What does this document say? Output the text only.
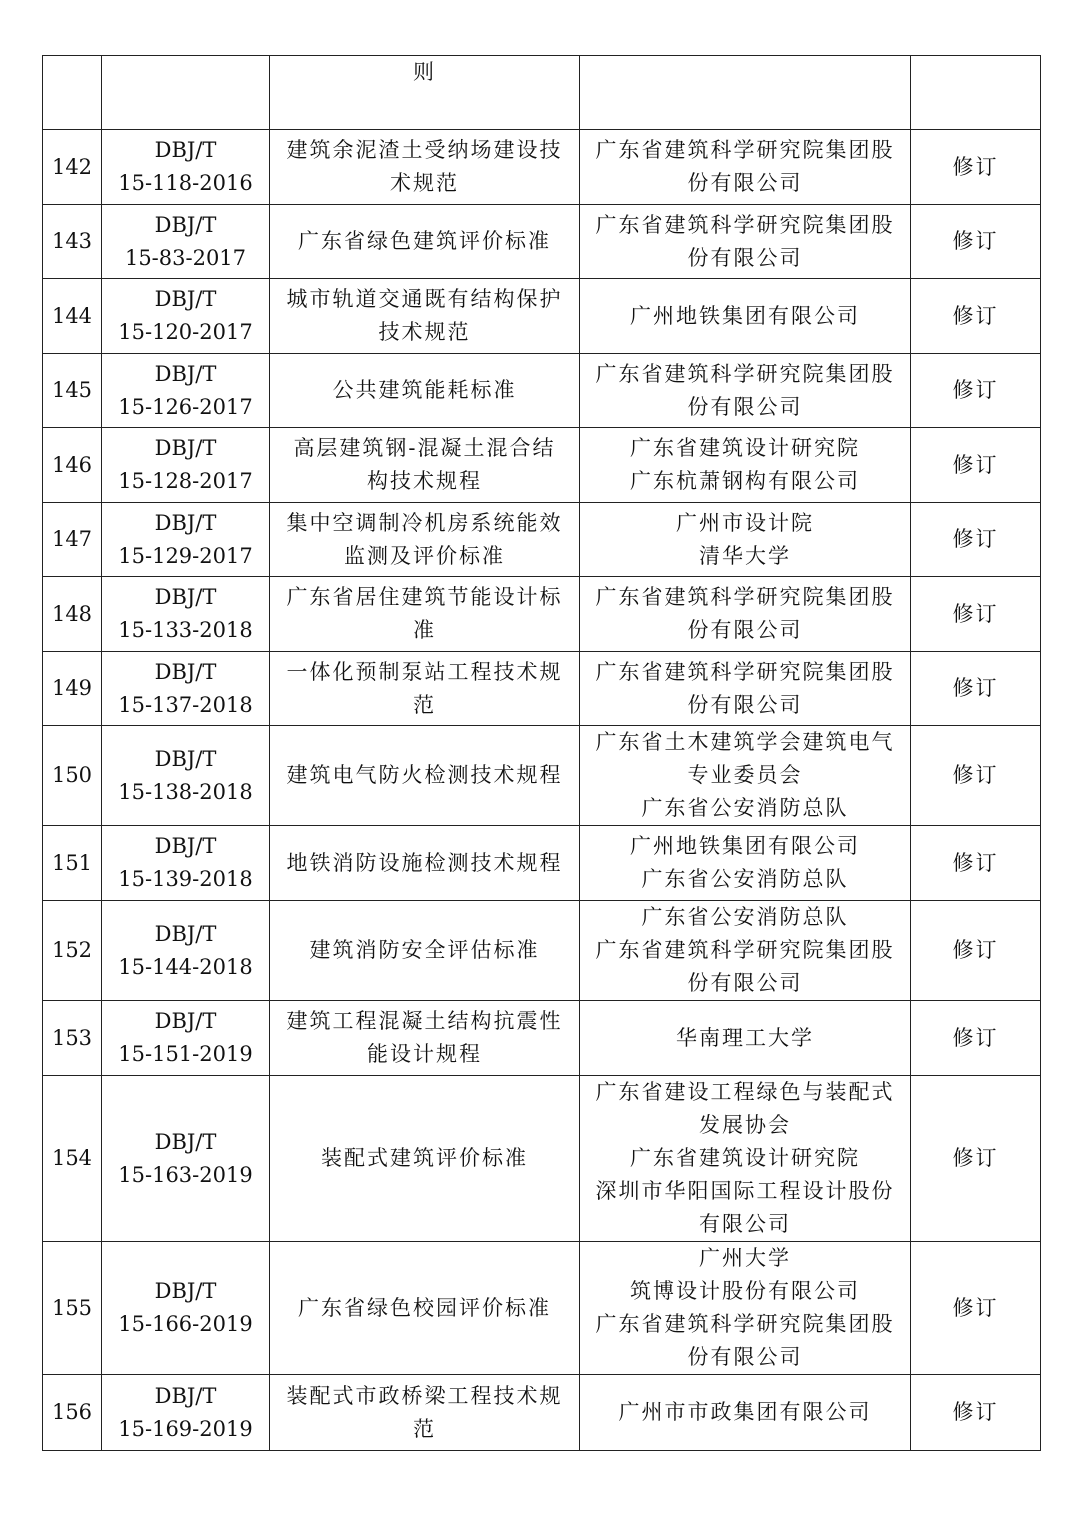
		则		

142	DBJ/T
15-118-2016	建筑余泥渣土受纳场建设技
术规范	广东省建筑科学研究院集团股
份有限公司	修订
143	DBJ/T
15-83-2017	广东省绿色建筑评价标准	广东省建筑科学研究院集团股
份有限公司	修订
144	DBJ/T
15-120-2017	城市轨道交通既有结构保护
技术规范	广州地铁集团有限公司	修订
145	DBJ/T
15-126-2017	公共建筑能耗标准	广东省建筑科学研究院集团股
份有限公司	修订
146	DBJ/T
15-128-2017	高层建筑钢-混凝土混合结
构技术规程	广东省建筑设计研究院
广东杭萧钢构有限公司	修订
147	DBJ/T
15-129-2017	集中空调制冷机房系统能效
监测及评价标准	广州市设计院
清华大学	修订
148	DBJ/T
15-133-2018	广东省居住建筑节能设计标
准	广东省建筑科学研究院集团股
份有限公司	修订
149	DBJ/T
15-137-2018	一体化预制泵站工程技术规
范	广东省建筑科学研究院集团股
份有限公司	修订
150	DBJ/T
15-138-2018	建筑电气防火检测技术规程	广东省土木建筑学会建筑电气
专业委员会
广东省公安消防总队	修订
151	DBJ/T
15-139-2018	地铁消防设施检测技术规程	广州地铁集团有限公司
广东省公安消防总队	修订
152	DBJ/T
15-144-2018	建筑消防安全评估标准	广东省公安消防总队
广东省建筑科学研究院集团股
份有限公司	修订
153	DBJ/T
15-151-2019	建筑工程混凝土结构抗震性
能设计规程	华南理工大学	修订
154	DBJ/T
15-163-2019	装配式建筑评价标准	广东省建设工程绿色与装配式
发展协会
广东省建筑设计研究院
深圳市华阳国际工程设计股份
有限公司	修订
155	DBJ/T
15-166-2019	广东省绿色校园评价标准	广州大学
筑博设计股份有限公司
广东省建筑科学研究院集团股
份有限公司	修订
156	DBJ/T
15-169-2019	装配式市政桥梁工程技术规
范	广州市市政集团有限公司	修订
